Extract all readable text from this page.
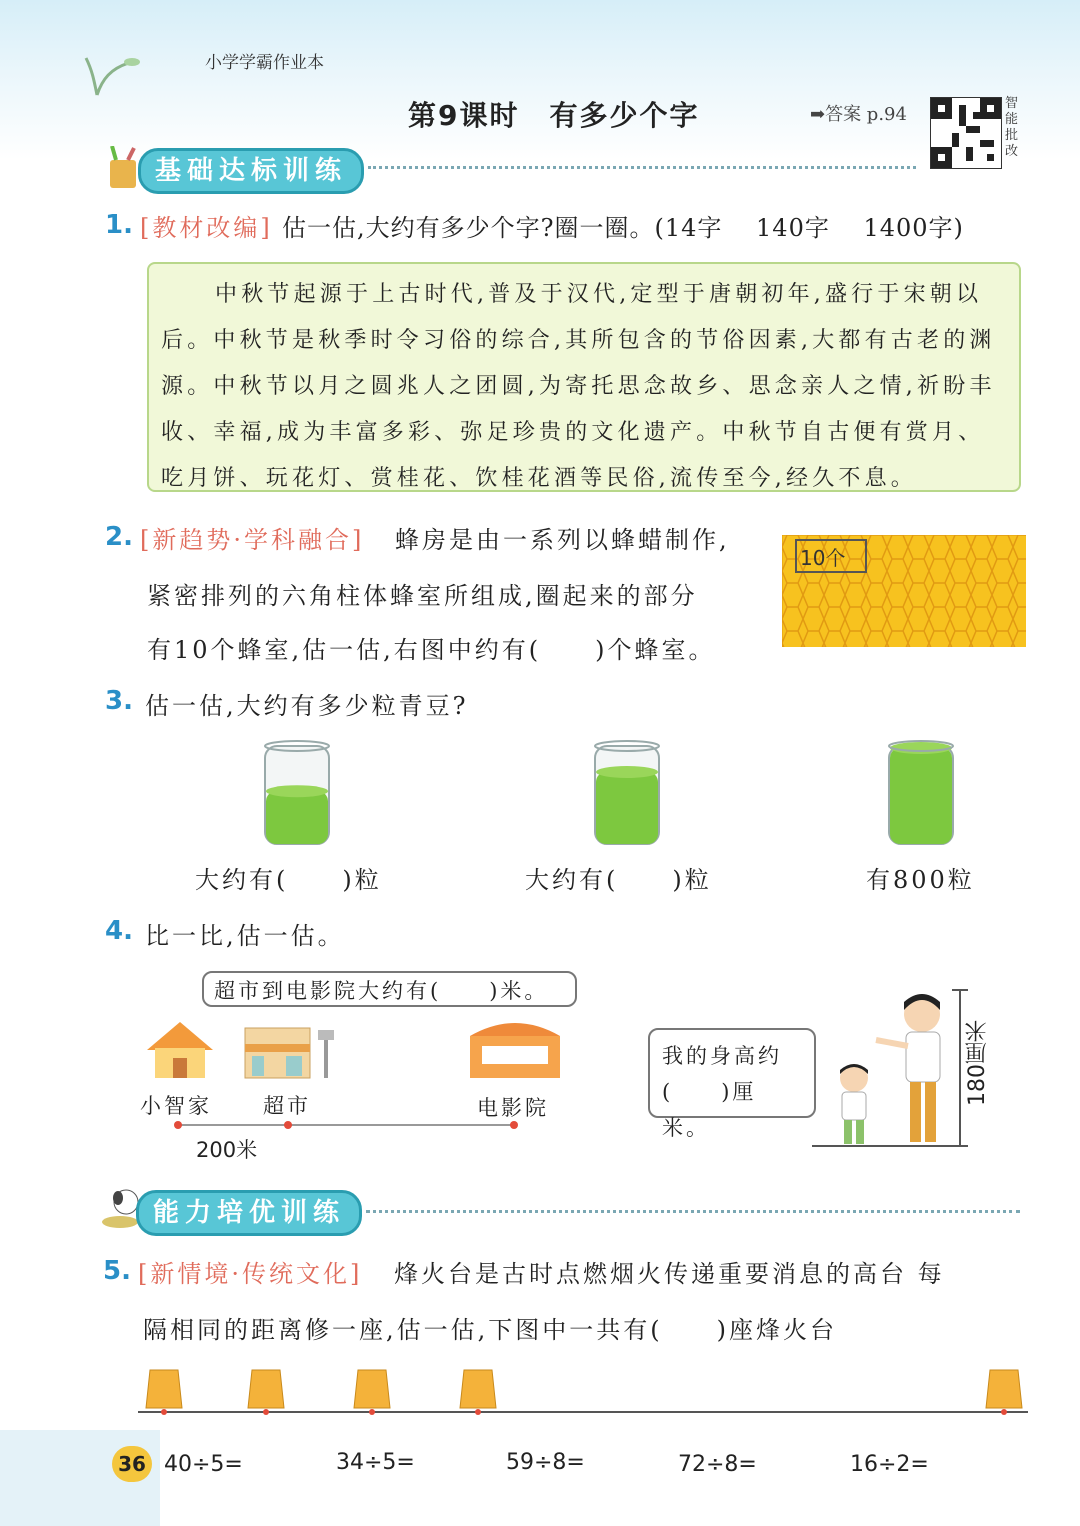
小学学霸作业本
第9课时　有多少个字	➡答案 p.94
智能批改
基础达标训练
1. [教材改编] 估一估,大约有多少个字?圈一圈。(14字　 140字　 1400字)
中秋节起源于上古时代,普及于汉代,定型于唐朝初年,盛行于宋朝以后。中秋节是秋季时令习俗的综合,其所包含的节俗因素,大都有古老的渊源。中秋节以月之圆兆人之团圆,为寄托思念故乡、思念亲人之情,祈盼丰收、幸福,成为丰富多彩、弥足珍贵的文化遗产。中秋节自古便有赏月、吃月饼、玩花灯、赏桂花、饮桂花酒等民俗,流传至今,经久不息。
2. [新趋势·学科融合] 蜂房是由一系列以蜂蜡制作,
紧密排列的六角柱体蜂室所组成,圈起来的部分
有10个蜂室,估一估,右图中约有(　　)个蜂室。
10个
3. 估一估,大约有多少粒青豆?
大约有(　　)粒	大约有(　　)粒	有800粒
4. 比一比,估一估。
超市到电影院大约有(　　)米。
小智家 超市	电影院
200米
我的身高约
(　　)厘米。
180厘米
能力培优训练
5. [新情境·传统文化] 烽火台是古时点燃烟火传递重要消息的高台 每
隔相同的距离修一座,估一估,下图中一共有(　　)座烽火台
36 40÷5=	34÷5=	59÷8=	72÷8=	16÷2=
